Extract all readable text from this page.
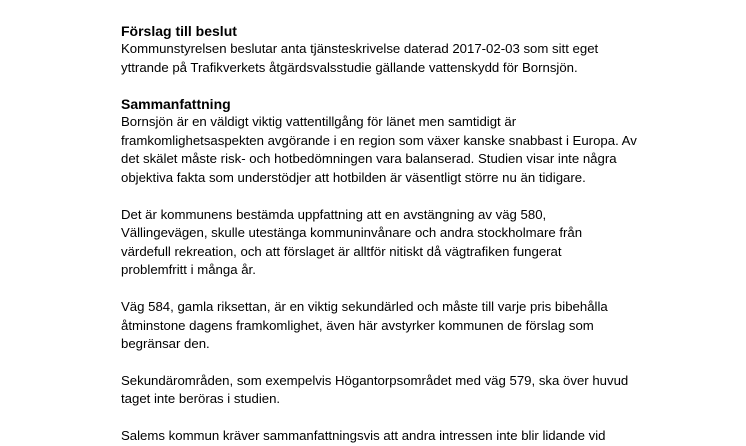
Förslag till beslut

Kommunstyrelsen beslutar anta tjänsteskrivelse daterad 2017-02-03 som sitt eget
yttrande på Trafikverkets åtgärdsvalsstudie gällande vattenskydd för Bornsjön.

Sammanfattning

Bornsjön är en väldigt viktig vattentillgång för länet men samtidigt är
framkomlighetsaspekten avgörande i en region som växer kanske snabbast i Europa. Av
det skälet måste risk- och hotbedömningen vara balanserad. Studien visar inte några
objektiva fakta som understödjer att hotbilden är väsentligt större nu än tidigare.

Det är kommunens bestämda uppfattning att en avstängning av väg 580,
Vällingevägen, skulle utestänga kommuninvånare och andra stockholmare från
värdefull rekreation, och att förslaget är alltför nitiskt då vägtrafiken fungerat
problemfritt i många år.

Väg 584, gamla riksettan, är en viktig sekundärled och måste till varje pris bibehålla
åtminstone dagens framkomlighet, även här avstyrker kommunen de förslag som
begränsar den.

Sekundärområden, som exempelvis Högantorpsområdet med väg 579, ska över huvud
taget inte beröras i studien.

Salems kommun kräver sammanfattningsvis att andra intressen inte blir lidande vid
